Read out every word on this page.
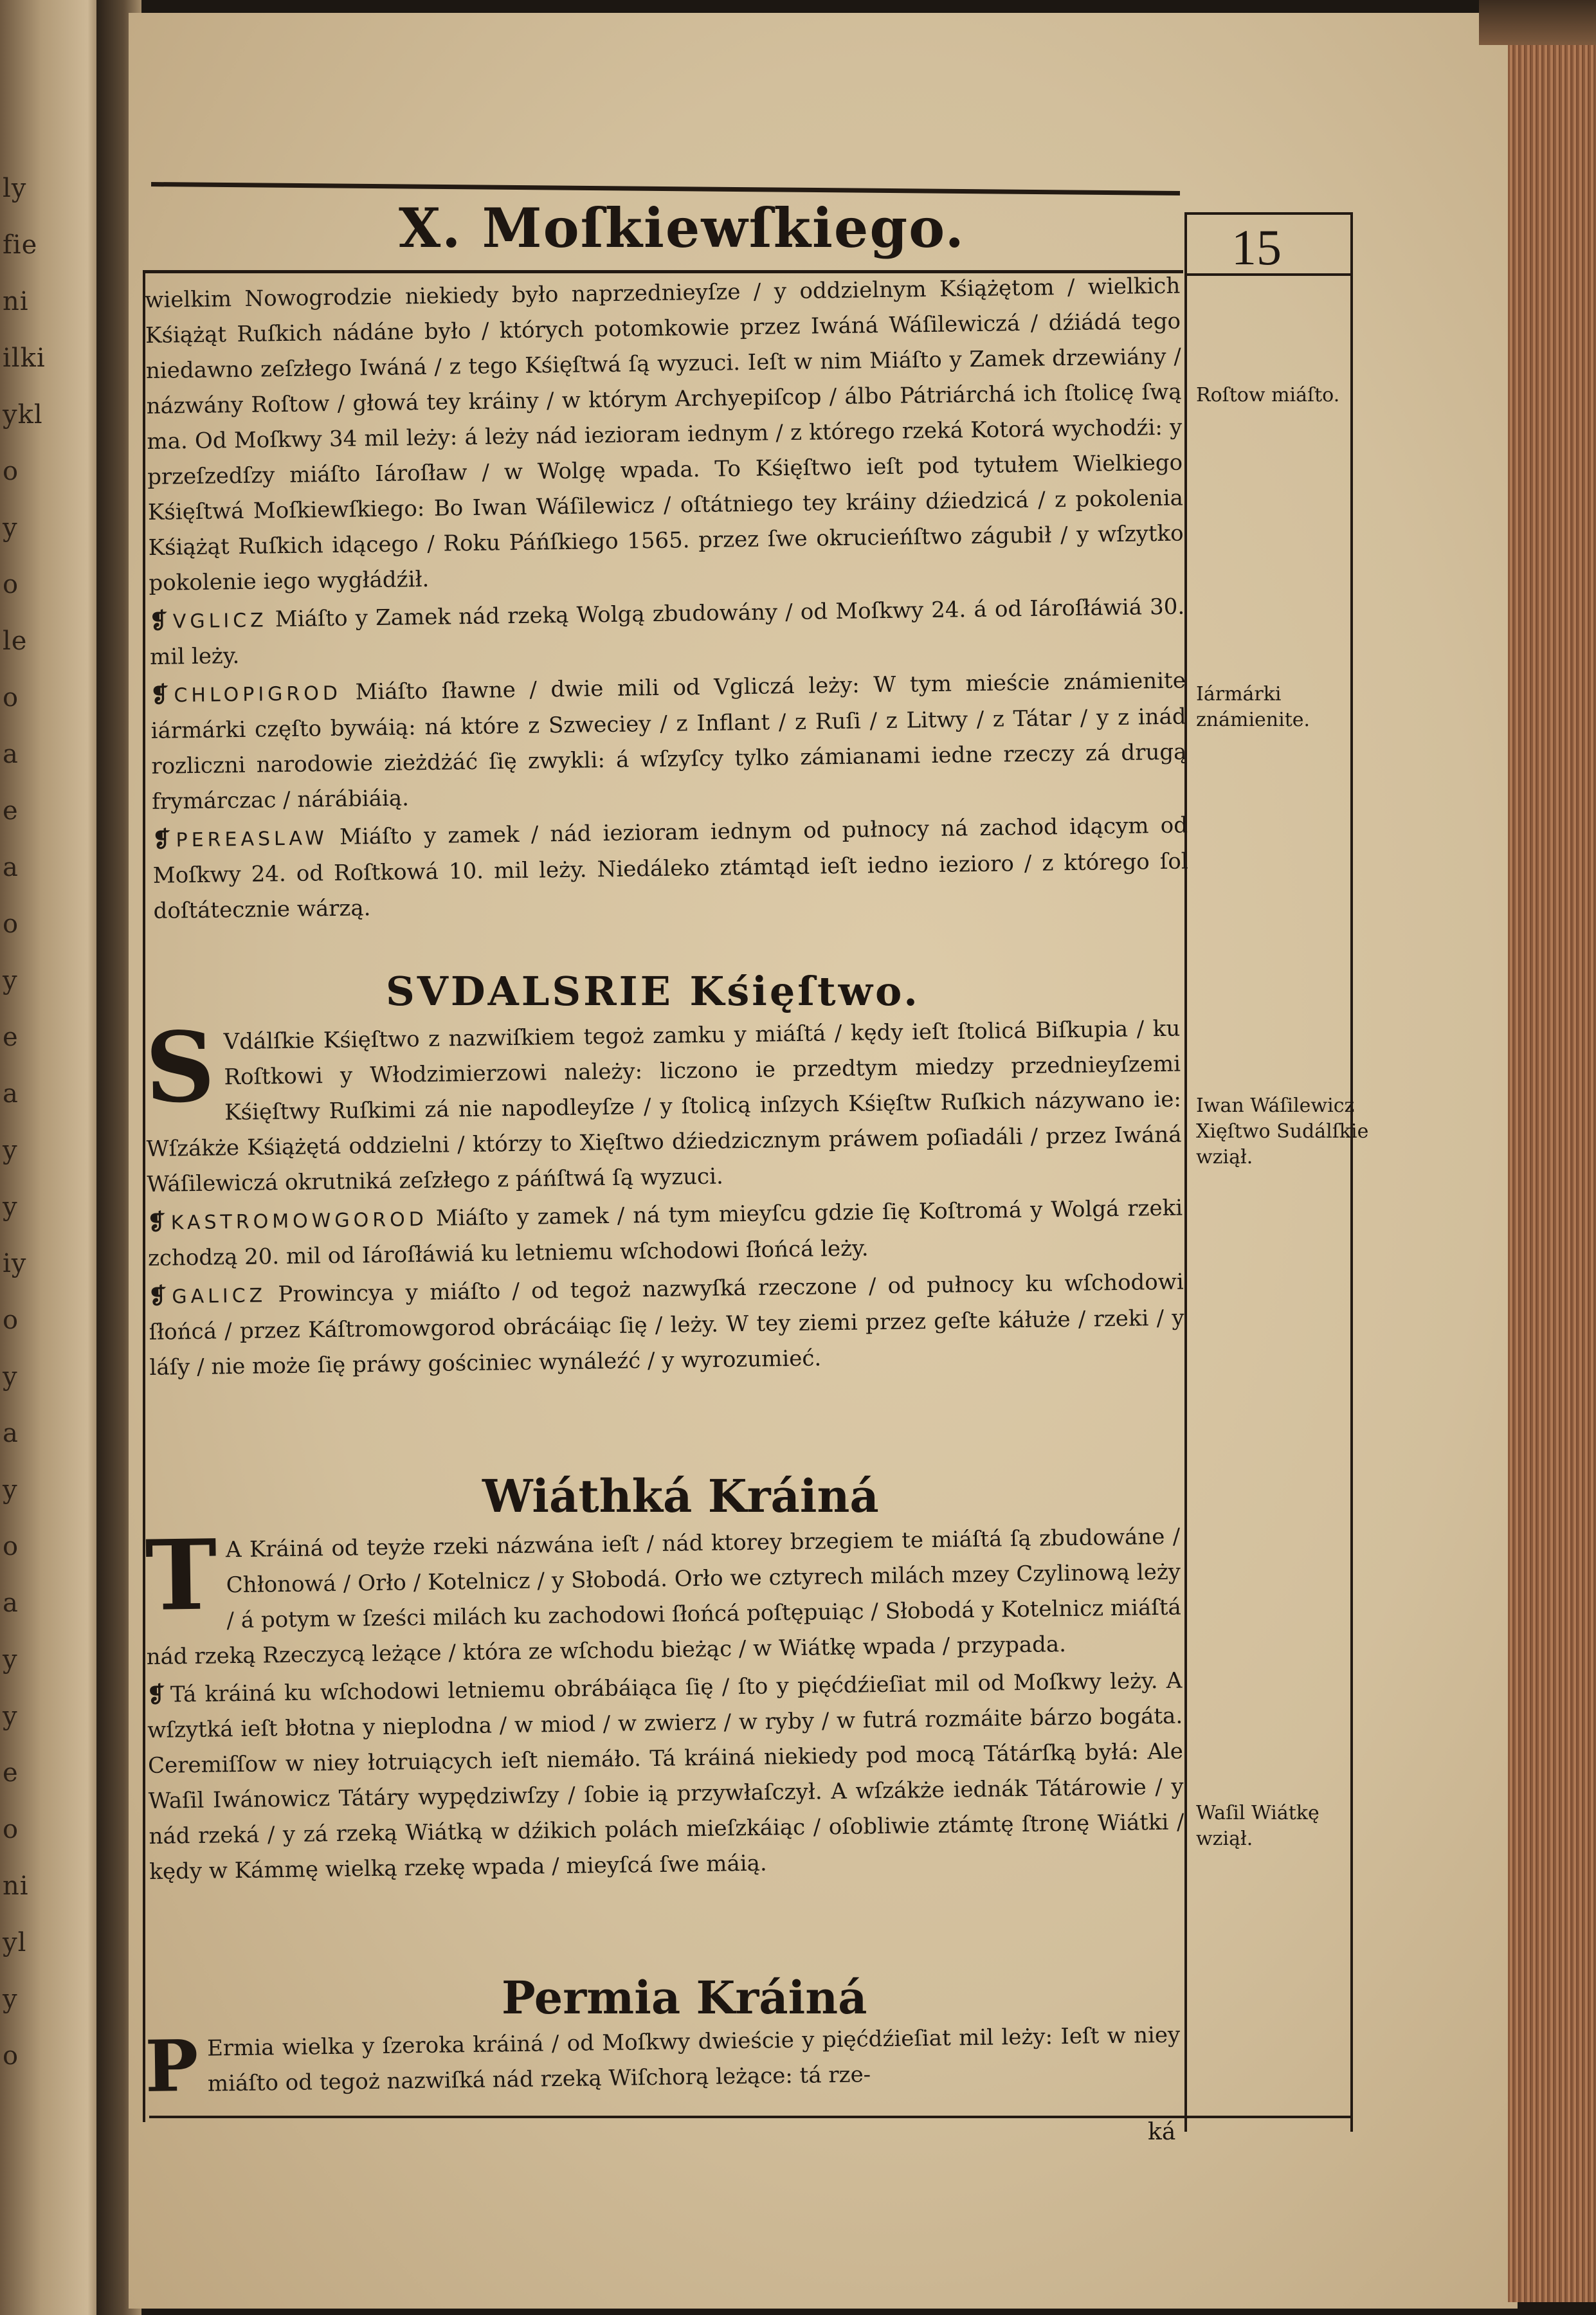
ly
fie
ni
ilki
ykl
o
y
o
le
o
a
e
a
o
y
e
a
y
y
iy
o
y
a
y
o
a
y
y
e
o
ni
yl
y
o
X. Moſkiewſkiego.	15

wielkim Nowogrodzie niekiedy było naprzednieyſze / y oddzielnym Kśiążętom / wielkich Kśiążąt Ruſkich nádáne było / których potomkowie przez Iwáná Wáſilewiczá / dźiádá tego niedawno zeſzłego Iwáná / z tego Kśięſtwá ſą wyzuci. Ieſt w nim Miáſto y Zamek drzewiány / názwány Roſtow / głowá tey kráiny / w którym Archyepiſcop / álbo Pátriárchá ich ſtolicę ſwą ma. Od Moſkwy 34 mil leży: á leży nád iezioram iednym / z którego rzeká Kotorá wychodźi: y przeſzedſzy miáſto Iároſław / w Wolgę wpada. To Kśięſtwo ieſt pod tytułem Wielkiego Kśięſtwá Moſkiewſkiego: Bo Iwan Wáſilewicz / oſtátniego tey kráiny dźiedzicá / z pokolenia Kśiążąt Ruſkich idącego / Roku Páńſkiego 1565. przez ſwe okrucieńſtwo zágubił / y wſzytko pokolenie iego wygłádźił.

❡ VGLICZ Miáſto y Zamek nád rzeką Wolgą zbudowány / od Moſkwy 24. á od Iároſłáwiá 30. mil leży.

❡ CHLOPIGROD Miáſto ſławne / dwie mili od Vgliczá leży: W tym mieście známienite iármárki częſto bywáią: ná które z Szweciey / z Inflant / z Ruſi / z Litwy / z Tátar / y z inád rozliczni narodowie zieżdżáć ſię zwykli: á wſzyſcy tylko zámianami iedne rzeczy zá drugą frymárczac / nárábiáią.

❡ PEREASLAW Miáſto y zamek / nád iezioram iednym od pułnocy ná zachod idącym od Moſkwy 24. od Roſtkowá 10. mil leży. Niedáleko ztámtąd ieſt iedno iezioro / z którego ſol doſtátecznie wárzą.

SVDALSRIE Kśięſtwo.

S Vdálſkie Kśięſtwo z nazwiſkiem tegoż zamku y miáſtá / kędy ieſt ſtolicá Biſkupia / ku Roſtkowi y Włodzimierzowi należy: liczono ie przedtym miedzy przednieyſzemi Kśięſtwy Ruſkimi zá nie napodleyſze / y ſtolicą inſzych Kśięſtw Ruſkich názywano ie: Wſzákże Kśiążętá oddzielni / którzy to Xięſtwo dźiedzicznym práwem poſiadáli / przez Iwáná Wáſilewiczá okrutniká zeſzłego z páńſtwá ſą wyzuci.

❡ KASTROMOWGOROD Miáſto y zamek / ná tym mieyſcu gdzie ſię Koſtromá y Wolgá rzeki zchodzą 20. mil od Iároſłáwiá ku letniemu wſchodowi ſłońcá leży.

❡ GALICZ Prowincya y miáſto / od tegoż nazwyſká rzeczone / od pułnocy ku wſchodowi ſłońcá / przez Káſtromowgorod obrácáiąc ſię / leży. W tey ziemi przez geſte káłuże / rzeki / y láſy / nie może ſię práwy gościniec wynáleźć / y wyrozumieć.

Wiáthká Kráiná

T A Kráiná od teyże rzeki názwána ieſt / nád ktorey brzegiem te miáſtá ſą zbudowáne / Chłonowá / Orło / Kotelnicz / y Słobodá. Orło we cztyrech milách mzey Czylinową leży / á potym w ſześci milách ku zachodowi ſłońcá poſtępuiąc / Słobodá y Kotelnicz miáſtá nád rzeką Rzeczycą leżące / która ze wſchodu bieżąc / w Wiátkę wpada / przypada.

❡ Tá kráiná ku wſchodowi letniemu obrábáiąca ſię / ſto y pięćdźieſiat mil od Moſkwy leży. A wſzytká ieſt błotna y nieplodna / w miod / w zwierz / w ryby / w futrá rozmáite bárzo bogáta. Ceremiſſow w niey łotruiących ieſt niemáło. Tá kráiná niekiedy pod mocą Tátárſką byłá: Ale Waſil Iwánowicz Tátáry wypędziwſzy / ſobie ią przywłaſczył. A wſzákże iednák Tátárowie / y nád rzeká / y zá rzeką Wiátką w dźikich polách mieſzkáiąc / oſobliwie ztámtę ſtronę Wiátki / kędy w Kámmę wielką rzekę wpada / mieyſcá ſwe máią.

Permia Kráiná

P Ermia wielka y ſzeroka kráiná / od Moſkwy dwieście y pięćdźieſiat mil leży: Ieſt w niey miáſto od tegoż nazwiſká nád rzeką Wiſchorą leżące: tá rze-

ká
Roſtow miáſto.
Iármárki známienite.
Iwan Wáſilewicz Xięſtwo Sudálſkie wziął.
Waſil Wiátkę wziął.
